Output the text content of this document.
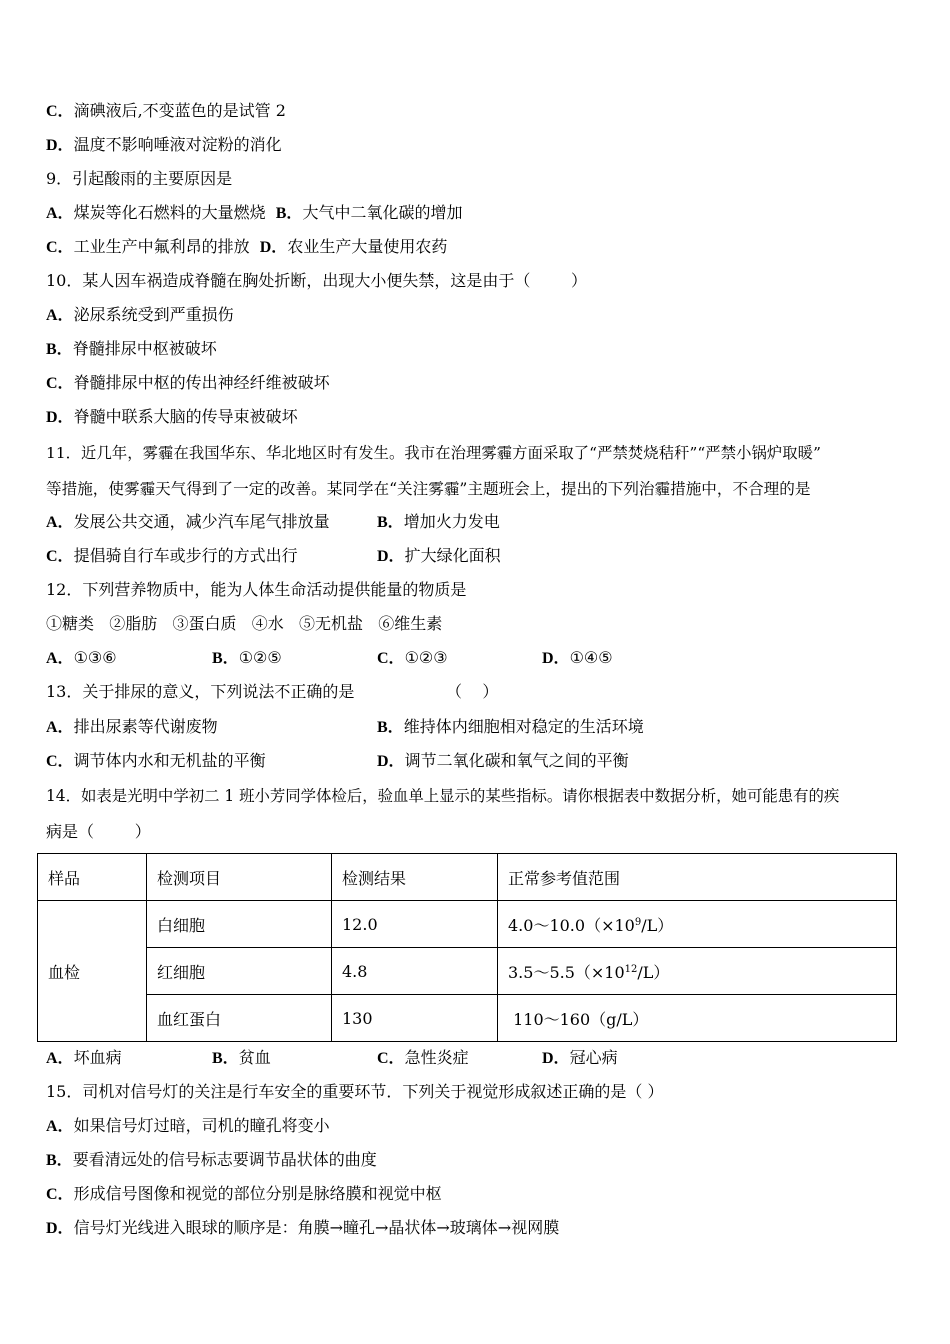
C．滴碘液后,不变蓝色的是试管 2
D．温度不影响唾液对淀粉的消化
9．引起酸雨的主要原因是
A．煤炭等化石燃料的大量燃烧 B．大气中二氧化碳的增加
C．工业生产中氟利昂的排放 D．农业生产大量使用农药
10．某人因车祸造成脊髓在胸处折断，出现大小便失禁，这是由于（        ）
A．泌尿系统受到严重损伤
B．脊髓排尿中枢被破坏
C．脊髓排尿中枢的传出神经纤维被破坏
D．脊髓中联系大脑的传导束被破坏
11．近几年，雾霾在我国华东、华北地区时有发生。我市在治理雾霾方面采取了“严禁焚烧秸秆”“严禁小锅炉取暖”
等措施，使雾霾天气得到了一定的改善。某同学在“关注雾霾”主题班会上，提出的下列治霾措施中，不合理的是
A．发展公共交通，减少汽车尾气排放量	B．增加火力发电
C．提倡骑自行车或步行的方式出行	D．扩大绿化面积
12．下列营养物质中，能为人体生命活动提供能量的物质是
①糖类   ②脂肪   ③蛋白质   ④水   ⑤无机盐   ⑥维生素
A．①③⑥	B．①②⑤	C．①②③	D．①④⑤
13．关于排尿的意义，下列说法不正确的是	（    ）
A．排出尿素等代谢废物	B．维持体内细胞相对稳定的生活环境
C．调节体内水和无机盐的平衡	D．调节二氧化碳和氧气之间的平衡
14．如表是光明中学初二 1 班小芳同学体检后，验血单上显示的某些指标。请你根据表中数据分析，她可能患有的疾
病是（        ）
样品	检测项目	检测结果	正常参考值范围
血检	白细胞	12.0	$4.0\sim 10.0(\times 10^9/L)$
	红细胞	4.8	$3.5\sim 5.5(\times 10^{12}/L)$
	血红蛋白	130	110～160（g/L）
A．坏血病	B．贫血	C．急性炎症	D．冠心病
15．司机对信号灯的关注是行车安全的重要环节．下列关于视觉形成叙述正确的是（ ）
A．如果信号灯过暗，司机的瞳孔将变小
B．要看清远处的信号标志要调节晶状体的曲度
C．形成信号图像和视觉的部位分别是脉络膜和视觉中枢
D．信号灯光线进入眼球的顺序是：角膜→瞳孔→晶状体→玻璃体→视网膜
